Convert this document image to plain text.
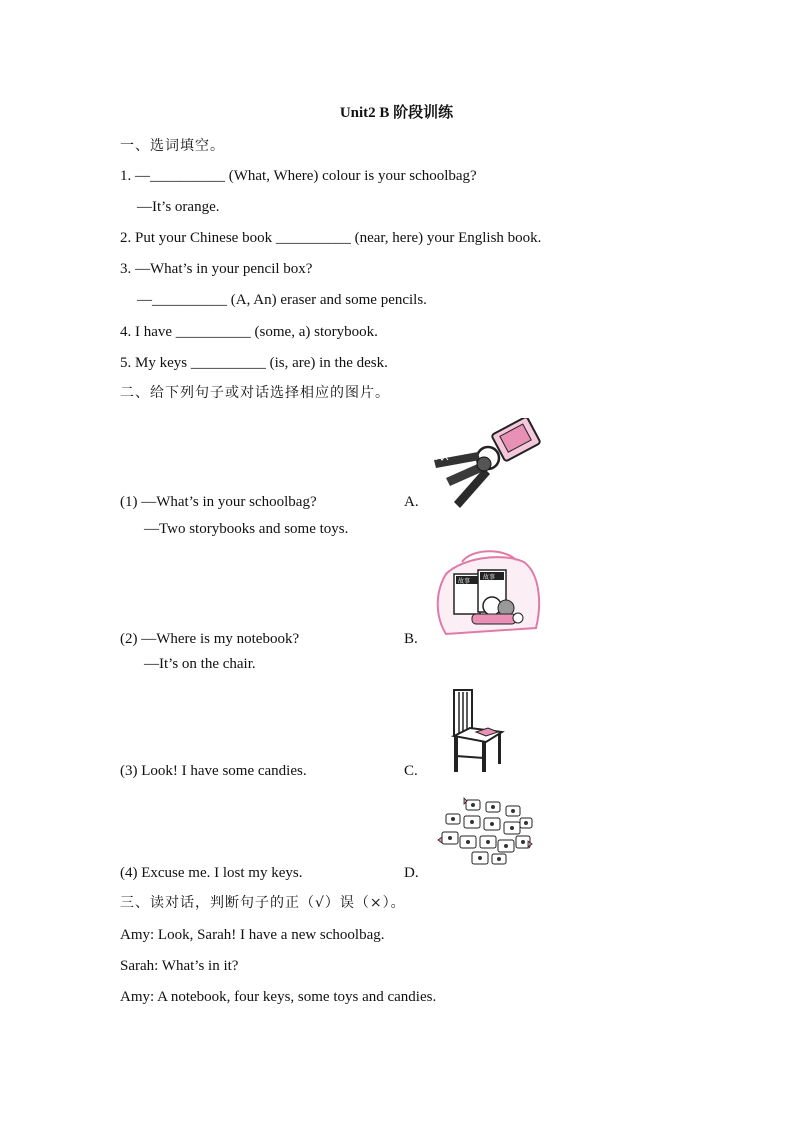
Unit2 B 阶段训练
一、选词填空。
1. —__________ (What, Where) colour is your schoolbag?
—It’s orange.
2. Put your Chinese book __________ (near, here) your English book.
3. —What’s in your pencil box?
—__________ (A, An) eraser and some pencils.
4. I have __________ (some, a) storybook.
5. My keys __________ (is, are) in the desk.
二、给下列句子或对话选择相应的图片。
(1) —What’s in your schoolbag?
—Two storybooks and some toys.
A.
(2) —Where is my notebook?
—It’s on the chair.
B.
(3) Look! I have some candies.	C.
(4) Excuse me. I lost my keys.	D.
故事
故事
三、读对话，判断句子的正（√）误（×）。
Amy: Look, Sarah! I have a new schoolbag.
Sarah: What’s in it?
Amy: A notebook, four keys, some toys and candies.
